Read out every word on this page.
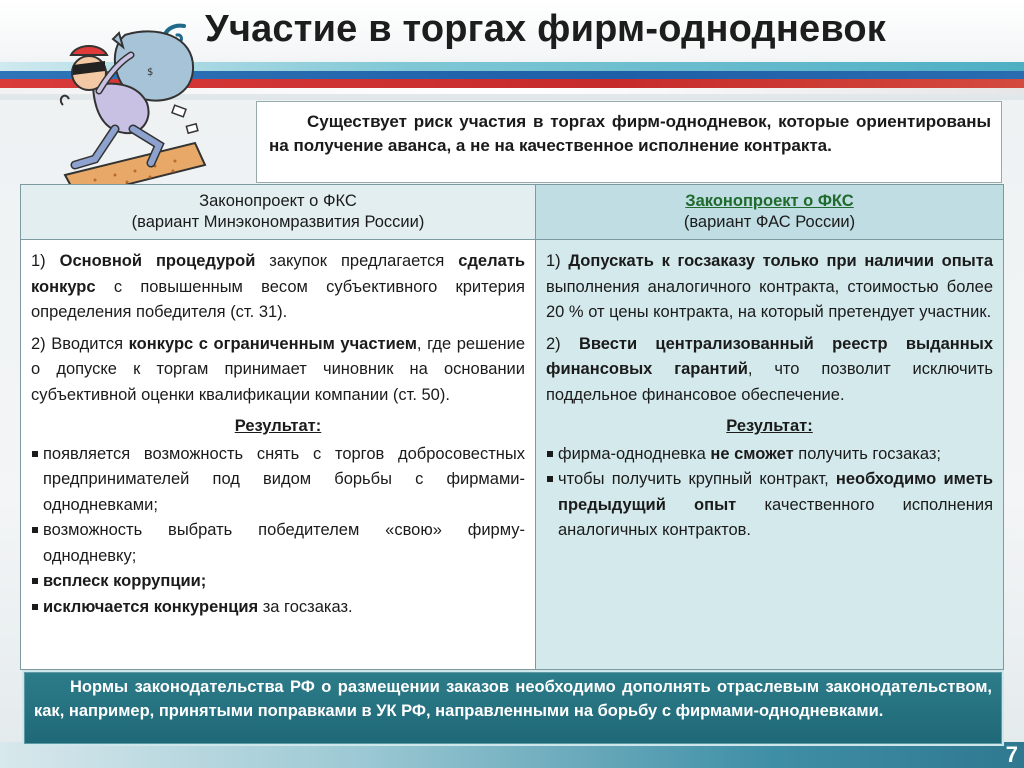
Участие в торгах фирм-однодневок
$
Существует риск участия в торгах фирм-однодневок, которые ориентированы на получение аванса, а не на качественное исполнение контракта.
Законопроект о ФКС
(вариант Минэкономразвития России)

1) Основной процедурой закупок предлагается сделать конкурс с повышенным весом субъективного критерия определения победителя (ст. 31).

2) Вводится конкурс с ограниченным участием, где решение о допуске к торгам принимает чиновник на основании субъективной оценки квалификации компании (ст. 50).

Результат:
появляется возможность снять с торгов добросовестных предпринимателей под видом борьбы с фирмами-однодневками;
возможность выбрать победителем «свою» фирму-однодневку;
всплеск коррупции;
исключается конкуренция за госзаказ.
Законопроект о ФКС
(вариант ФАС России)

1) Допускать к госзаказу только при наличии опыта выполнения аналогичного контракта, стоимостью более 20 % от цены контракта, на который претендует участник.

2) Ввести централизованный реестр выданных финансовых гарантий, что позволит исключить поддельное финансовое обеспечение.

Результат:
фирма-однодневка не сможет получить госзаказ;
чтобы получить крупный контракт, необходимо иметь предыдущий опыт качественного исполнения аналогичных контрактов.
Нормы законодательства РФ о размещении заказов необходимо дополнять отраслевым законодательством, как, например, принятыми поправками в УК РФ, направленными на борьбу с фирмами-однодневками.
7
